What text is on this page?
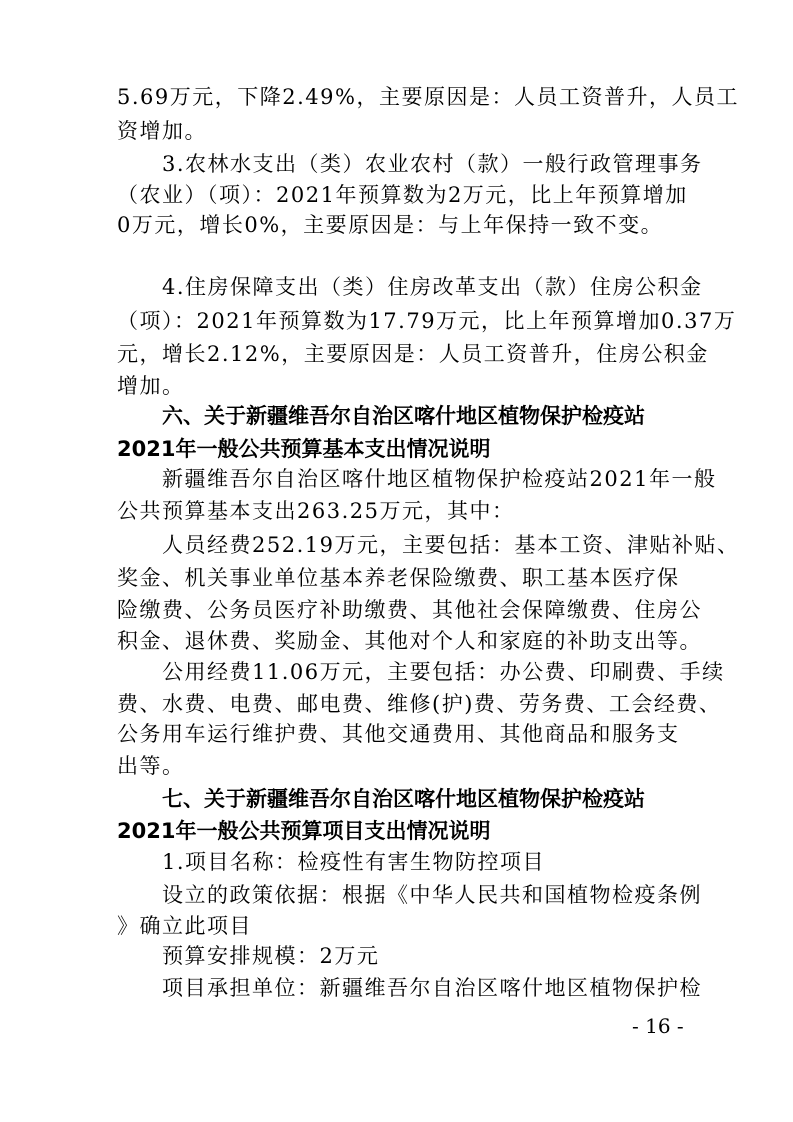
5.69万元，下降2.49%，主要原因是：人员工资普升，人员工
资增加。
3.农林水支出（类）农业农村（款）一般行政管理事务
（农业）（项）：2021年预算数为2万元，比上年预算增加
0万元，增长0%，主要原因是：与上年保持一致不变。
4.住房保障支出（类）住房改革支出（款）住房公积金
（项）：2021年预算数为17.79万元，比上年预算增加0.37万
元，增长2.12%，主要原因是：人员工资普升，住房公积金
增加。
六、关于新疆维吾尔自治区喀什地区植物保护检疫站
2021年一般公共预算基本支出情况说明
新疆维吾尔自治区喀什地区植物保护检疫站2021年一般
公共预算基本支出263.25万元，其中：
人员经费252.19万元，主要包括：基本工资、津贴补贴、
奖金、机关事业单位基本养老保险缴费、职工基本医疗保
险缴费、公务员医疗补助缴费、其他社会保障缴费、住房公
积金、退休费、奖励金、其他对个人和家庭的补助支出等。
公用经费11.06万元，主要包括：办公费、印刷费、手续
费、水费、电费、邮电费、维修(护)费、劳务费、工会经费、
公务用车运行维护费、其他交通费用、其他商品和服务支
出等。
七、关于新疆维吾尔自治区喀什地区植物保护检疫站
2021年一般公共预算项目支出情况说明
1.项目名称：检疫性有害生物防控项目
设立的政策依据：根据《中华人民共和国植物检疫条例
》确立此项目
预算安排规模：2万元
项目承担单位：新疆维吾尔自治区喀什地区植物保护检
- 16 -
